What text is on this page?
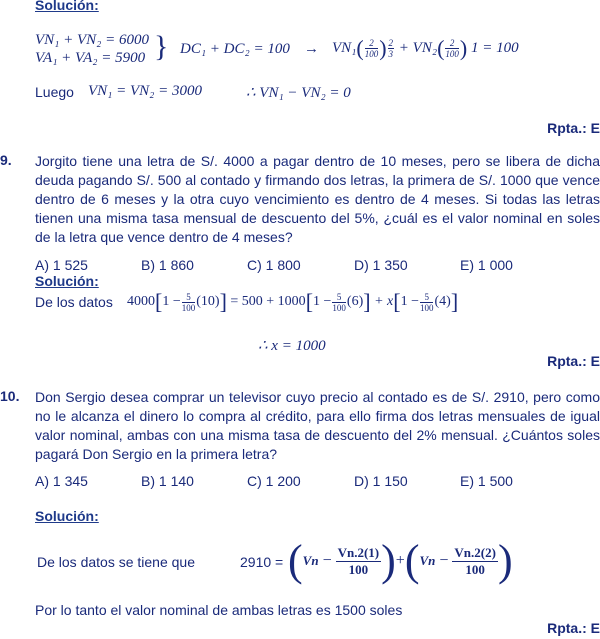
Solución:
VN₁ + VN₂ = 6000
VA₁ + VA₂ = 5900 } $DC_1 + DC_2 = 100 \to VN_1( \frac{2}{100}$ ) $\frac{2}{3} + VN_2( \frac{2}{100}$ ) 1 = 100
Luego VN₁ = VN₂ = 3000	∴ VN₁ − VN₂ = 0
Rpta.: E
9. Jorgito tiene una letra de S/. 4000 a pagar dentro de 10 meses, pero se libera de dicha deuda pagando S/. 500 al contado y firmando dos letras, la primera de S/. 1000 que vence dentro de 6 meses y la otra cuyo vencimiento es dentro de 4 meses. Si todas las letras tienen una misma tasa mensual de descuento del 5%, ¿cuál es el valor nominal en soles de la letra que vence dentro de 4 meses?
A) 1 525	B) 1 860	C) 1 800	D) 1 350	E) 1 000
Solución:
De los datos $4000[1 - \frac{5}{100} (10)] = 500 + 1000[1 - \frac{5}{100} (6)] + x[1 - \frac{5}{100} (4)]$
∴ x = 1000
Rpta.: E
10. Don Sergio desea comprar un televisor cuyo precio al contado es de S/. 2910, pero como no le alcanza el dinero lo compra al crédito, para ello firma dos letras mensuales de igual valor nominal, ambas con una misma tasa de descuento del 2% mensual. ¿Cuántos soles pagará Don Sergio en la primera letra?
A) 1 345	B) 1 140	C) 1 200	D) 1 150	E) 1 500
Solución:
De los datos se tiene que	$2910 = (Vn - \frac{Vn.2(1)}{100} )+(Vn - \frac{Vn.2(2)}{100}$ )
Por lo tanto el valor nominal de ambas letras es 1500 soles
Rpta.: E
